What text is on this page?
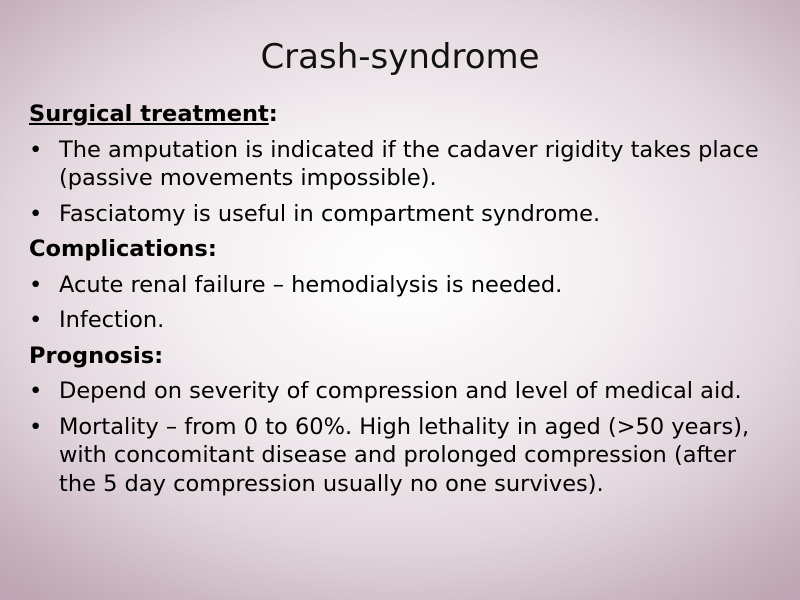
Crash-syndrome
Surgical treatment:
• The amputation is indicated if the cadaver rigidity takes place (passive movements impossible).
• Fasciatomy is useful in compartment syndrome.
Complications:
• Acute renal failure – hemodialysis is needed.
• Infection.
Prognosis:
• Depend on severity of compression and level of medical aid.
• Mortality – from 0 to 60%. High lethality in aged (>50 years), with concomitant disease and prolonged compression (after the 5 day compression usually no one survives).
